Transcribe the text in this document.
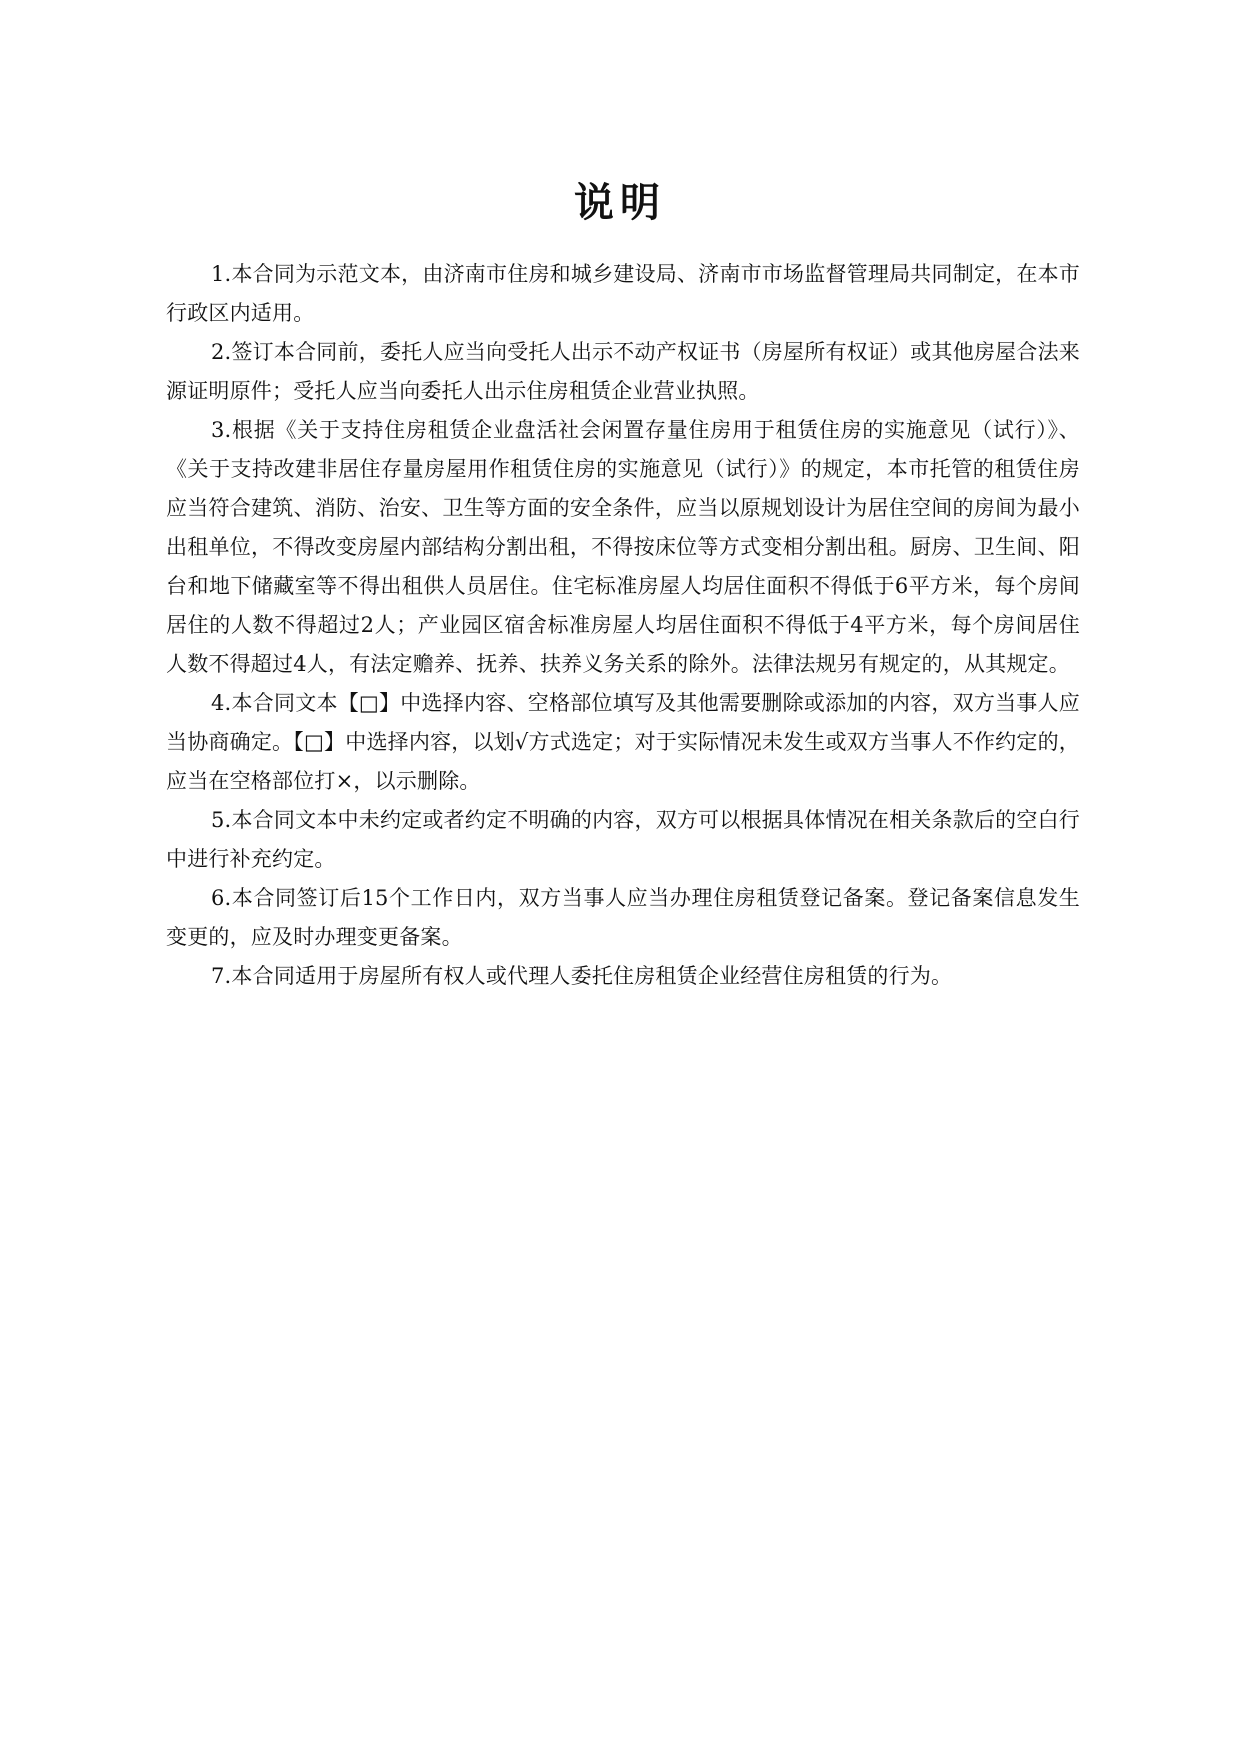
说明

1.本合同为示范文本，由济南市住房和城乡建设局、济南市市场监督管理局共同制定，在本市行政区内适用。

2.签订本合同前，委托人应当向受托人出示不动产权证书（房屋所有权证）或其他房屋合法来源证明原件；受托人应当向委托人出示住房租赁企业营业执照。

3.根据《关于支持住房租赁企业盘活社会闲置存量住房用于租赁住房的实施意见（试行）》、《关于支持改建非居住存量房屋用作租赁住房的实施意见（试行）》的规定，本市托管的租赁住房应当符合建筑、消防、治安、卫生等方面的安全条件，应当以原规划设计为居住空间的房间为最小出租单位，不得改变房屋内部结构分割出租，不得按床位等方式变相分割出租。厨房、卫生间、阳台和地下储藏室等不得出租供人员居住。住宅标准房屋人均居住面积不得低于6平方米，每个房间居住的人数不得超过2人；产业园区宿舍标准房屋人均居住面积不得低于4平方米，每个房间居住人数不得超过4人，有法定赡养、抚养、扶养义务关系的除外。法律法规另有规定的，从其规定。

4.本合同文本【□】中选择内容、空格部位填写及其他需要删除或添加的内容，双方当事人应当协商确定。【□】中选择内容，以划√方式选定；对于实际情况未发生或双方当事人不作约定的，应当在空格部位打×，以示删除。

5.本合同文本中未约定或者约定不明确的内容，双方可以根据具体情况在相关条款后的空白行中进行补充约定。

6.本合同签订后15个工作日内，双方当事人应当办理住房租赁登记备案。登记备案信息发生变更的，应及时办理变更备案。

7.本合同适用于房屋所有权人或代理人委托住房租赁企业经营住房租赁的行为。
